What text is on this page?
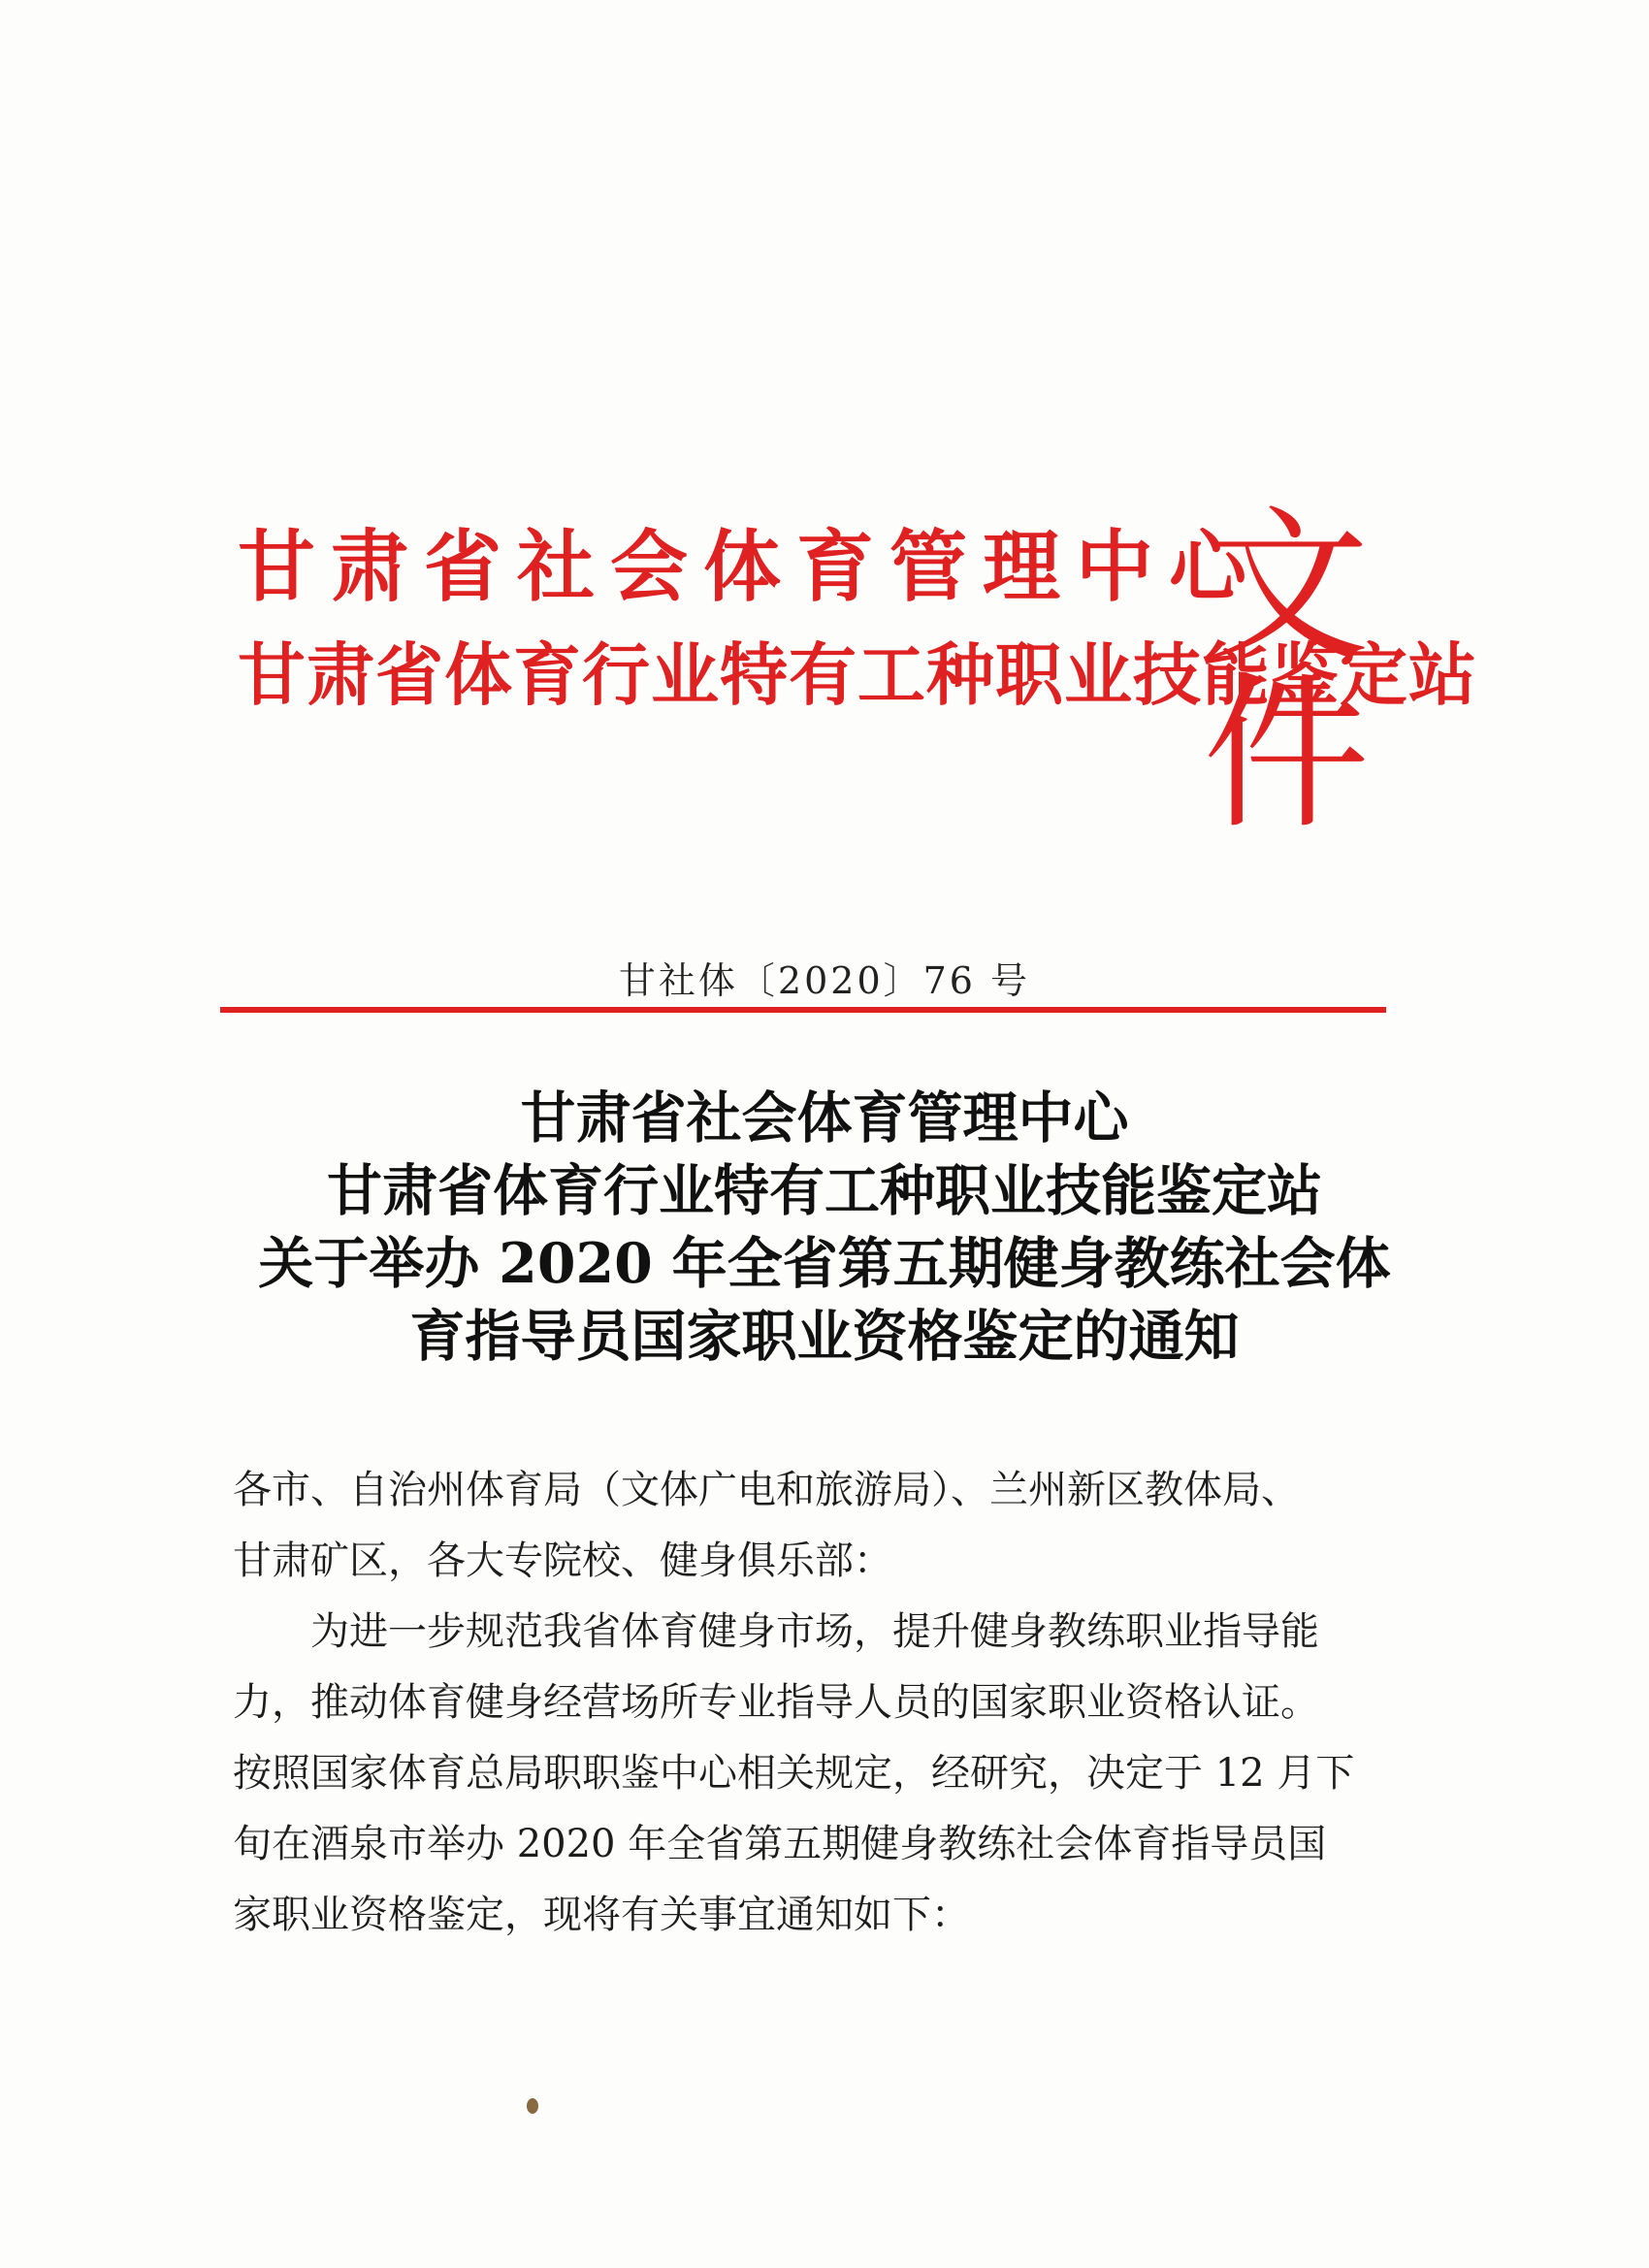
甘肃省社会体育管理中心
甘肃省体育行业特有工种职业技能鉴定站
文件
甘社体〔2020〕76 号
甘肃省社会体育管理中心
甘肃省体育行业特有工种职业技能鉴定站
关于举办 2020 年全省第五期健身教练社会体
育指导员国家职业资格鉴定的通知
各市、自治州体育局（文体广电和旅游局）、兰州新区教体局、
甘肃矿区，各大专院校、健身俱乐部：
为进一步规范我省体育健身市场，提升健身教练职业指导能
力，推动体育健身经营场所专业指导人员的国家职业资格认证。
按照国家体育总局职职鉴中心相关规定，经研究，决定于 12 月下
旬在酒泉市举办 2020 年全省第五期健身教练社会体育指导员国
家职业资格鉴定，现将有关事宜通知如下：
